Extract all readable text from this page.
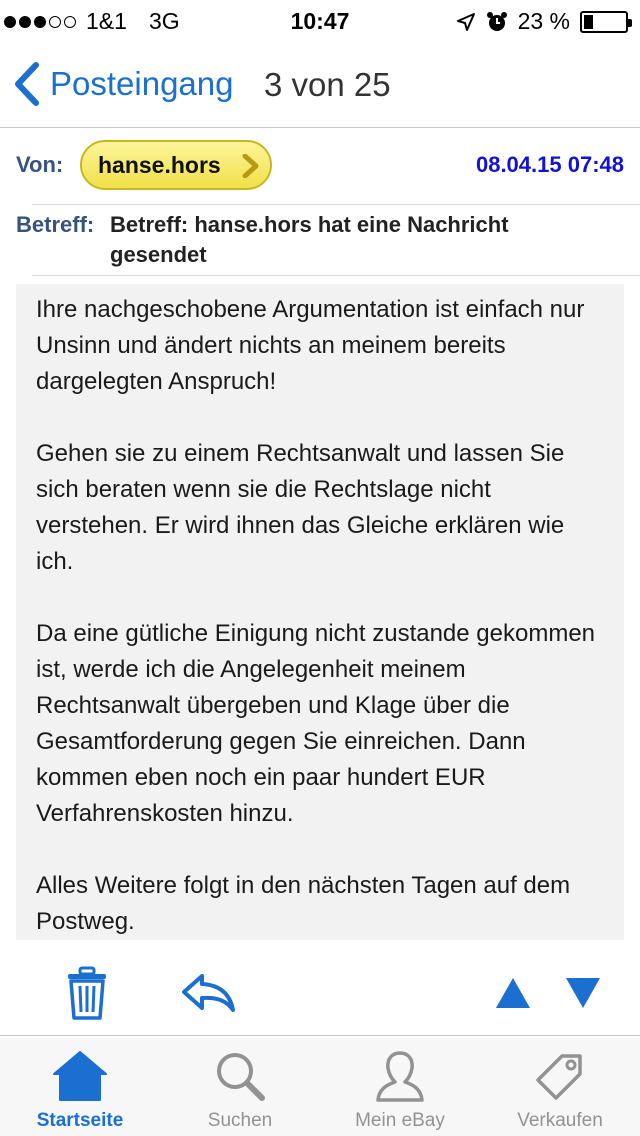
1&1 3G	10:47	23 %
Posteingang 3 von 25
Von: hanse.hors	08.04.15 07:48
Betreff: Betreff: hanse.hors hat eine Nachricht gesendet

Ihre nachgeschobene Argumentation ist einfach nur Unsinn und ändert nichts an meinem bereits dargelegten Anspruch!

Gehen sie zu einem Rechtsanwalt und lassen Sie sich beraten wenn sie die Rechtslage nicht verstehen. Er wird ihnen das Gleiche erklären wie ich.

Da eine gütliche Einigung nicht zustande gekommen ist, werde ich die Angelegenheit meinem Rechtsanwalt übergeben und Klage über die Gesamtforderung gegen Sie einreichen. Dann kommen eben noch ein paar hundert EUR Verfahrenskosten hinzu.

Alles Weitere folgt in den nächsten Tagen auf dem Postweg.

Startseite	Suchen	Mein eBay	Verkaufen
